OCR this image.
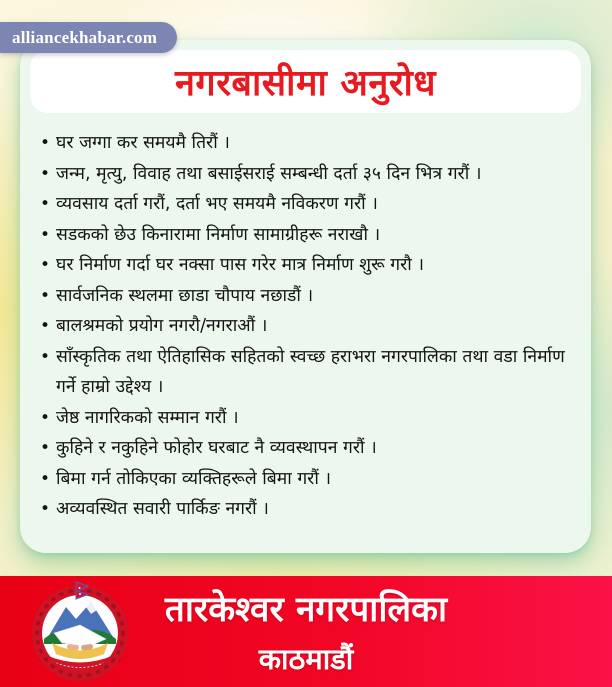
alliancekhabar.com
नगरबासीमा अनुरोध
• घर जग्गा कर समयमै तिरौं ।
• जन्म, मृत्यु, विवाह तथा बसाईसराई सम्बन्धी दर्ता ३५ दिन भित्र गरौं ।
• व्यवसाय दर्ता गरौं, दर्ता भए समयमै नविकरण गरौं ।
• सडकको छेउ किनारामा निर्माण सामाग्रीहरू नराखौ ।
• घर निर्माण गर्दा घर नक्सा पास गरेर मात्र निर्माण शुरू गरौ ।
• सार्वजनिक स्थलमा छाडा चौपाय नछाडौं ।
• बालश्रमको प्रयोग नगरौ/नगराऔं ।
• साँस्कृतिक तथा ऐतिहासिक सहितको स्वच्छ हराभरा नगरपालिका तथा वडा निर्माण गर्ने हाम्रो उद्देश्य ।
• जेष्ठ नागरिकको सम्मान गरौं ।
• कुहिने र नकुहिने फोहोर घरबाट नै व्यवस्थापन गरौं ।
• बिमा गर्न तोकिएका व्यक्तिहरूले बिमा गरौं ।
• अव्यवस्थित सवारी पार्किङ नगरौं ।
तारकेश्वर नगरपालिका
काठमाडौं
